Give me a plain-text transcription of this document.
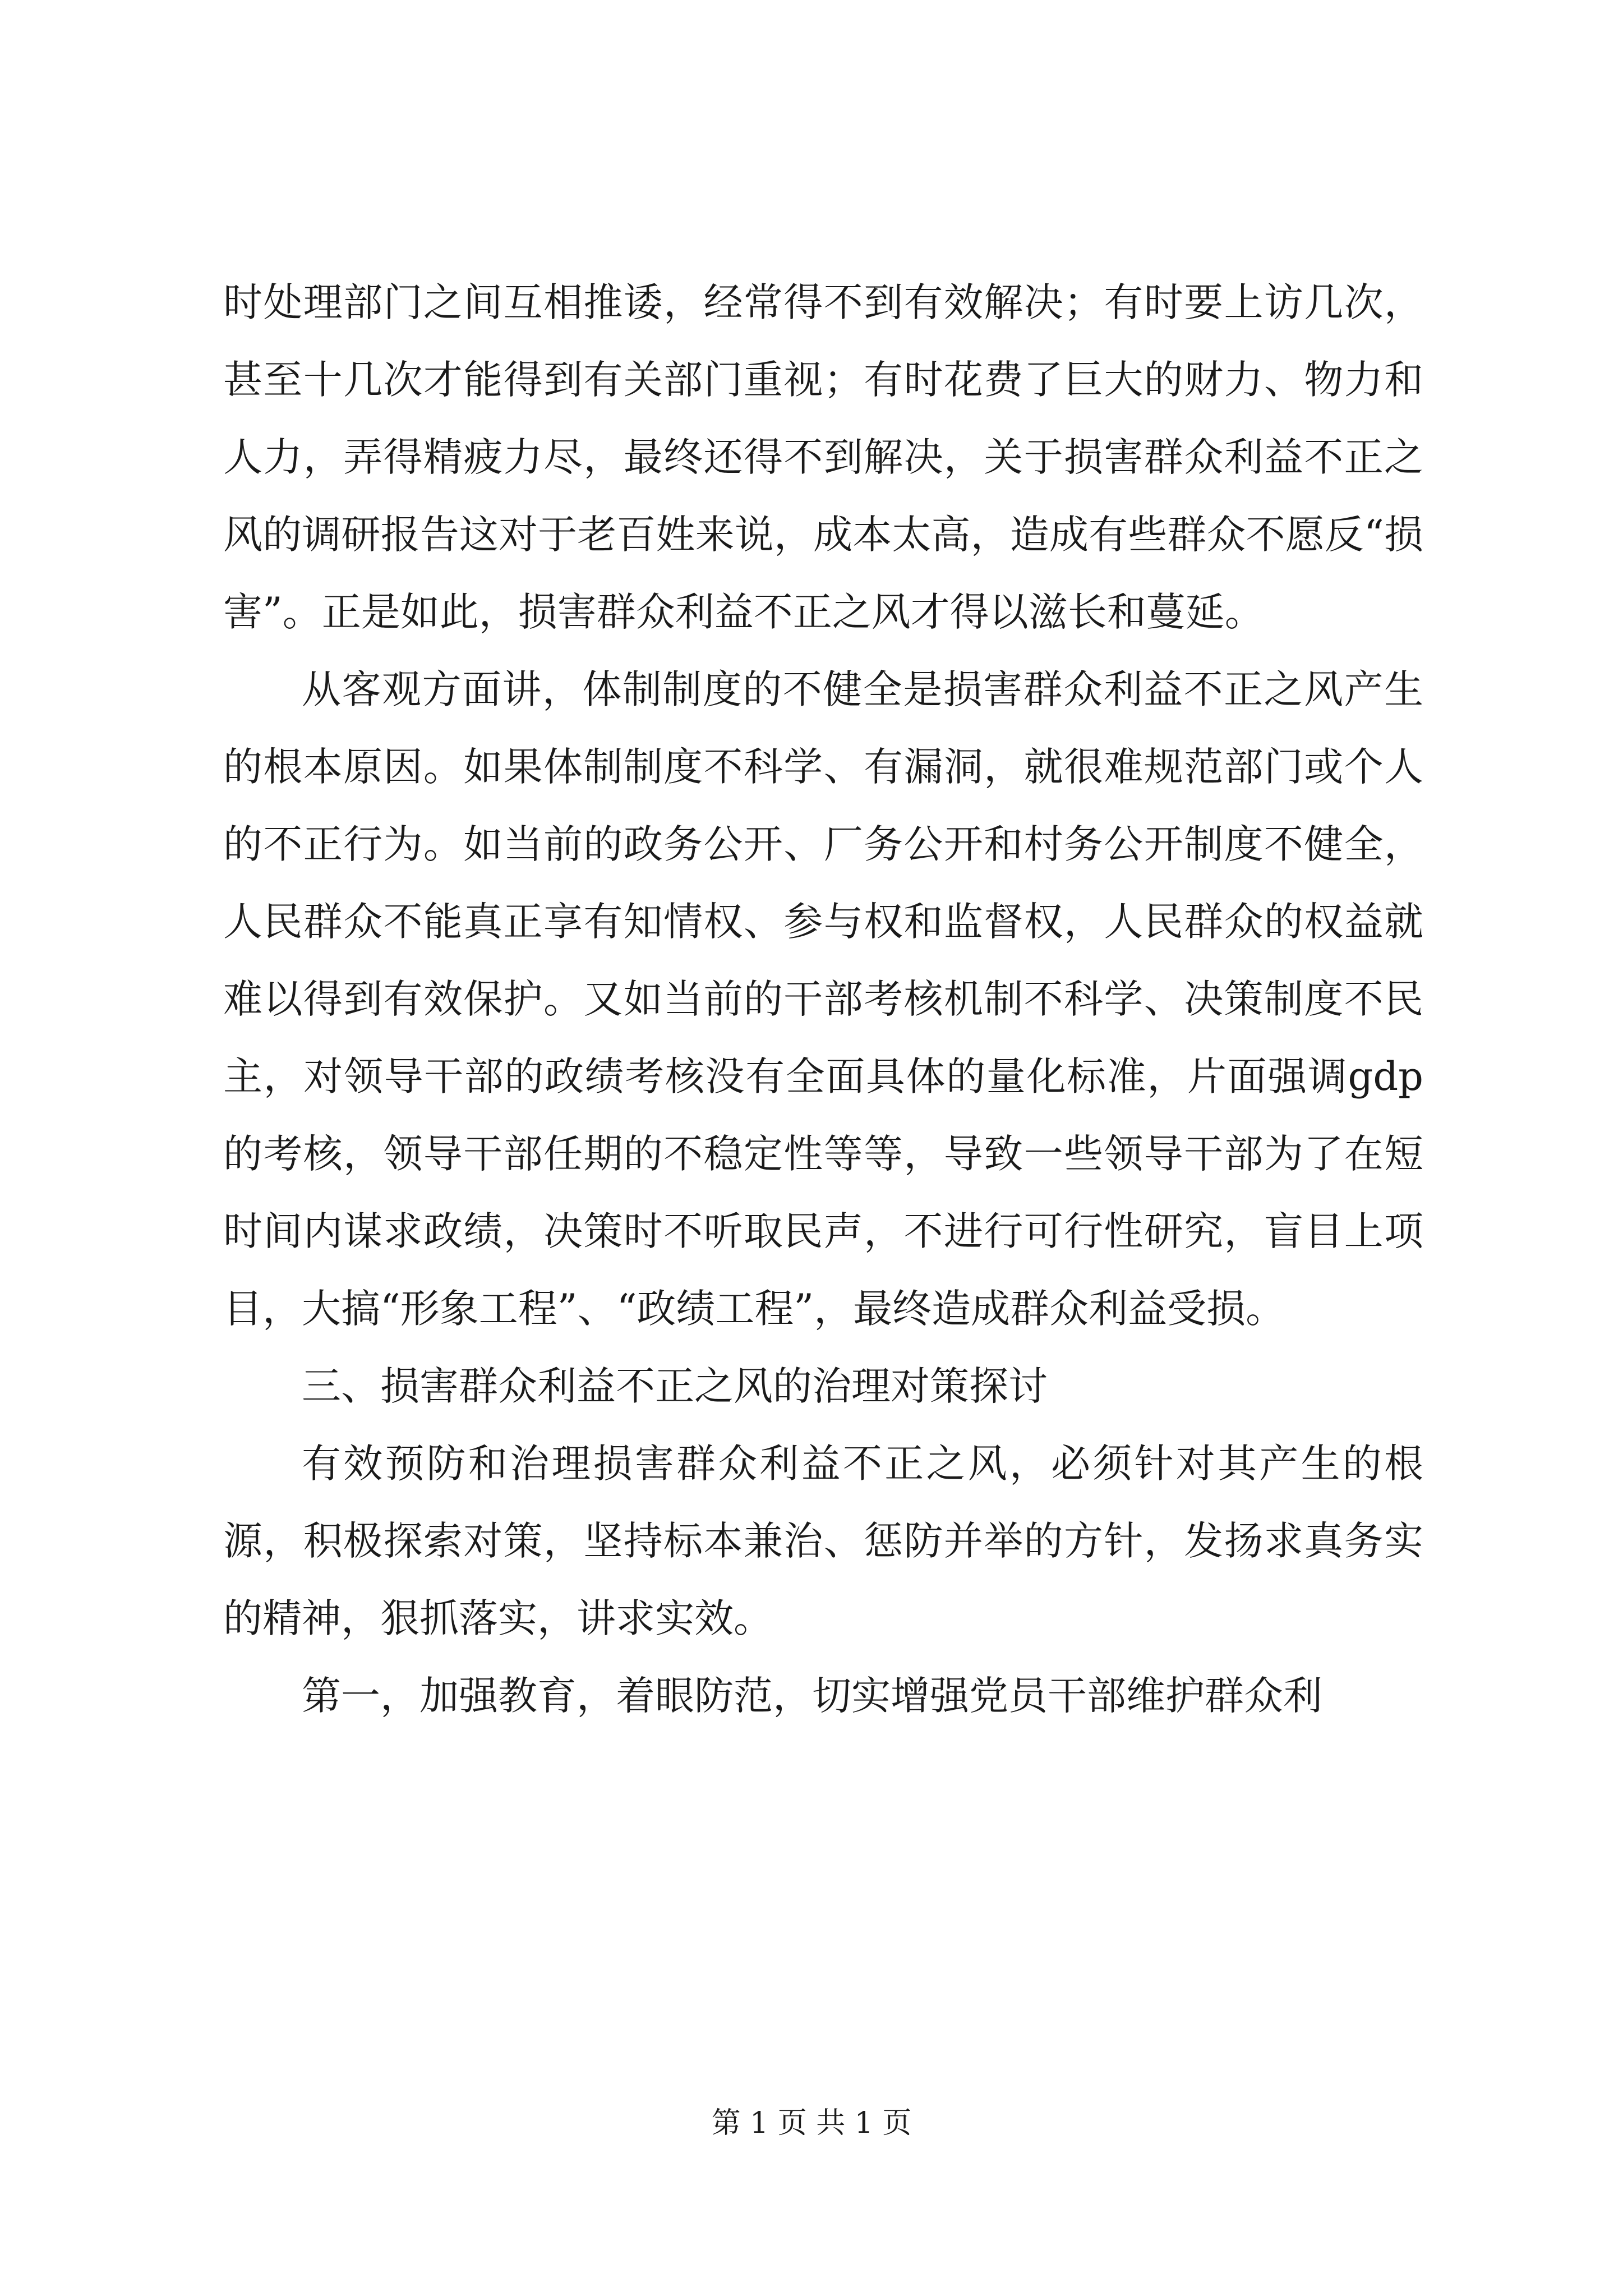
时处理部门之间互相推诿，经常得不到有效解决；有时要上访几次，甚至十几次才能得到有关部门重视；有时花费了巨大的财力、物力和人力，弄得精疲力尽，最终还得不到解决，关于损害群众利益不正之风的调研报告这对于老百姓来说，成本太高，造成有些群众不愿反“损害”。正是如此，损害群众利益不正之风才得以滋长和蔓延。

从客观方面讲，体制制度的不健全是损害群众利益不正之风产生的根本原因。如果体制制度不科学、有漏洞，就很难规范部门或个人的不正行为。如当前的政务公开、厂务公开和村务公开制度不健全，人民群众不能真正享有知情权、参与权和监督权，人民群众的权益就难以得到有效保护。又如当前的干部考核机制不科学、决策制度不民主，对领导干部的政绩考核没有全面具体的量化标准，片面强调gdp的考核，领导干部任期的不稳定性等等，导致一些领导干部为了在短时间内谋求政绩，决策时不听取民声，不进行可行性研究，盲目上项目，大搞“形象工程”、“政绩工程”，最终造成群众利益受损。

三、损害群众利益不正之风的治理对策探讨

有效预防和治理损害群众利益不正之风，必须针对其产生的根源，积极探索对策，坚持标本兼治、惩防并举的方针，发扬求真务实的精神，狠抓落实，讲求实效。

第一，加强教育，着眼防范，切实增强党员干部维护群众利

第 1 页 共 1 页
